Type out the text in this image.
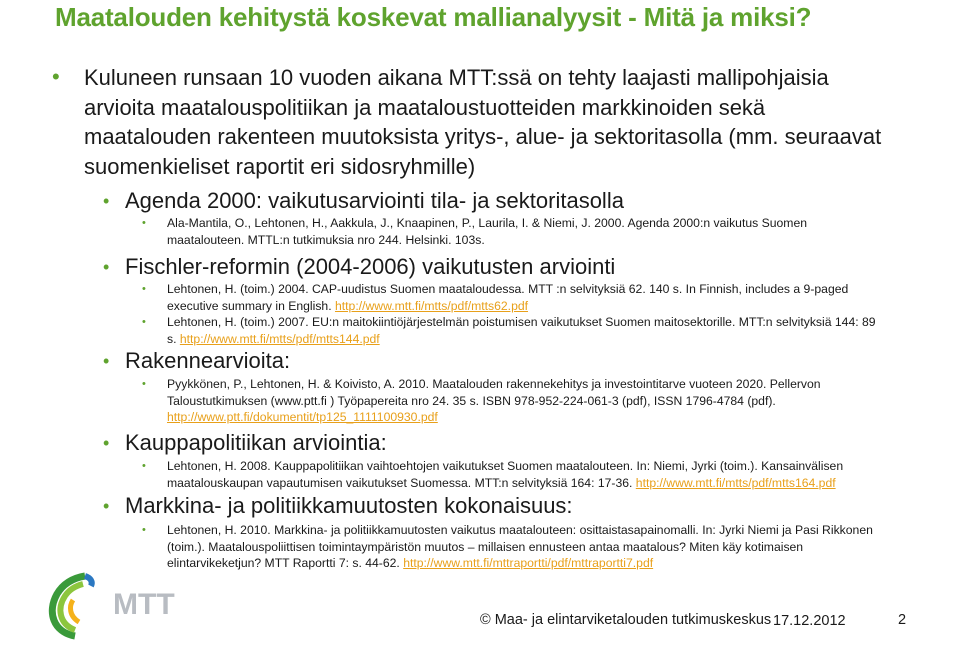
Maatalouden kehitystä koskevat mallianalyysit - Mitä ja miksi?
• Kuluneen runsaan 10 vuoden aikana MTT:ssä on tehty laajasti mallipohjaisia arvioita maatalouspolitiikan ja maataloustuotteiden markkinoiden sekä maatalouden rakenteen muutoksista yritys-, alue- ja sektoritasolla (mm. seuraavat suomenkieliset raportit eri sidosryhmille)
• Agenda 2000: vaikutusarviointi tila- ja sektoritasolla
• Ala-Mantila, O., Lehtonen, H., Aakkula, J., Knaapinen, P., Laurila, I. & Niemi, J. 2000. Agenda 2000:n vaikutus Suomen maatalouteen. MTTL:n tutkimuksia nro 244. Helsinki. 103s.
• Fischler-reformin (2004-2006) vaikutusten arviointi
• Lehtonen, H. (toim.) 2004. CAP-uudistus Suomen maataloudessa. MTT :n selvityksiä 62. 140 s. In Finnish, includes a 9-paged executive summary in English. http://www.mtt.fi/mtts/pdf/mtts62.pdf
• Lehtonen, H. (toim.) 2007. EU:n maitokiintiöjärjestelmän poistumisen vaikutukset Suomen maitosektorille. MTT:n selvityksiä 144: 89 s. http://www.mtt.fi/mtts/pdf/mtts144.pdf
• Rakennearvioita:
• Pyykkönen, P., Lehtonen, H. & Koivisto, A. 2010. Maatalouden rakennekehitys ja investointitarve vuoteen 2020. Pellervon Taloustutkimuksen (www.ptt.fi ) Työpapereita nro 24. 35 s. ISBN 978-952-224-061-3 (pdf), ISSN 1796-4784 (pdf). http://www.ptt.fi/dokumentit/tp125_1111100930.pdf
• Kauppapolitiikan arviointia:
• Lehtonen, H. 2008. Kauppapolitiikan vaihtoehtojen vaikutukset Suomen maatalouteen. In: Niemi, Jyrki (toim.). Kansainvälisen maatalouskaupan vapautumisen vaikutukset Suomessa. MTT:n selvityksiä 164: 17-36. http://www.mtt.fi/mtts/pdf/mtts164.pdf
• Markkina- ja politiikkamuutosten kokonaisuus:
• Lehtonen, H. 2010. Markkina- ja politiikkamuutosten vaikutus maatalouteen: osittaistasapainomalli. In: Jyrki Niemi ja Pasi Rikkonen (toim.). Maatalouspoliittisen toimintaympäristön muutos – millaisen ennusteen antaa maatalous? Miten käy kotimaisen elintarvikeketjun? MTT Raportti 7: s. 44-62. http://www.mtt.fi/mttraportti/pdf/mttraportti7.pdf
MTT	© Maa- ja elintarviketalouden tutkimuskeskus 17.12.2012	2
